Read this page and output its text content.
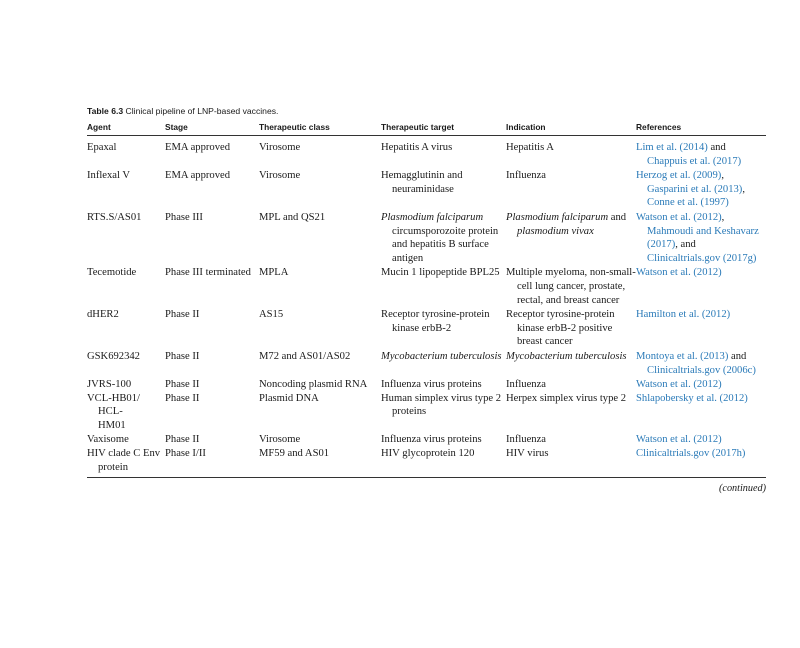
Table 6.3 Clinical pipeline of LNP-based vaccines.
Agent	Stage	Therapeutic class	Therapeutic target	Indication	References

Epaxal	EMA approved	Virosome	Hepatitis A virus	Hepatitis A	Lim et al. (2014) and Chappuis et al. (2017)

Inflexal V	EMA approved	Virosome	Hemagglutinin and neuraminidase	Influenza	Herzog et al. (2009), Gasparini et al. (2013), Conne et al. (1997)

RTS.S/AS01	Phase III	MPL and QS21	Plasmodium falciparum circumsporozoite protein and hepatitis B surface antigen	Plasmodium falciparum and plasmodium vivax	Watson et al. (2012), Mahmoudi and Keshavarz (2017), and Clinicaltrials.gov (2017g)

Tecemotide	Phase III terminated	MPLA	Mucin 1 lipopeptide BPL25	Multiple myeloma, non-small-cell lung cancer, prostate, rectal, and breast cancer	Watson et al. (2012)

dHER2	Phase II	AS15	Receptor tyrosine-protein kinase erbB-2	Receptor tyrosine-protein kinase erbB-2 positive breast cancer	Hamilton et al. (2012)

GSK692342	Phase II	M72 and AS01/AS02	Mycobacterium tuberculosis	Mycobacterium tuberculosis	Montoya et al. (2013) and Clinicaltrials.gov (2006c)

JVRS-100	Phase II	Noncoding plasmid RNA	Influenza virus proteins	Influenza	Watson et al. (2012)

VCL-HB01/ HCL-HM01	Phase II	Plasmid DNA	Human simplex virus type 2 proteins	Herpex simplex virus type 2	Shlapobersky et al. (2012)

Vaxisome	Phase II	Virosome	Influenza virus proteins	Influenza	Watson et al. (2012)

HIV clade C Env protein	Phase I/II	MF59 and AS01	HIV glycoprotein 120	HIV virus	Clinicaltrials.gov (2017h)
(continued)
